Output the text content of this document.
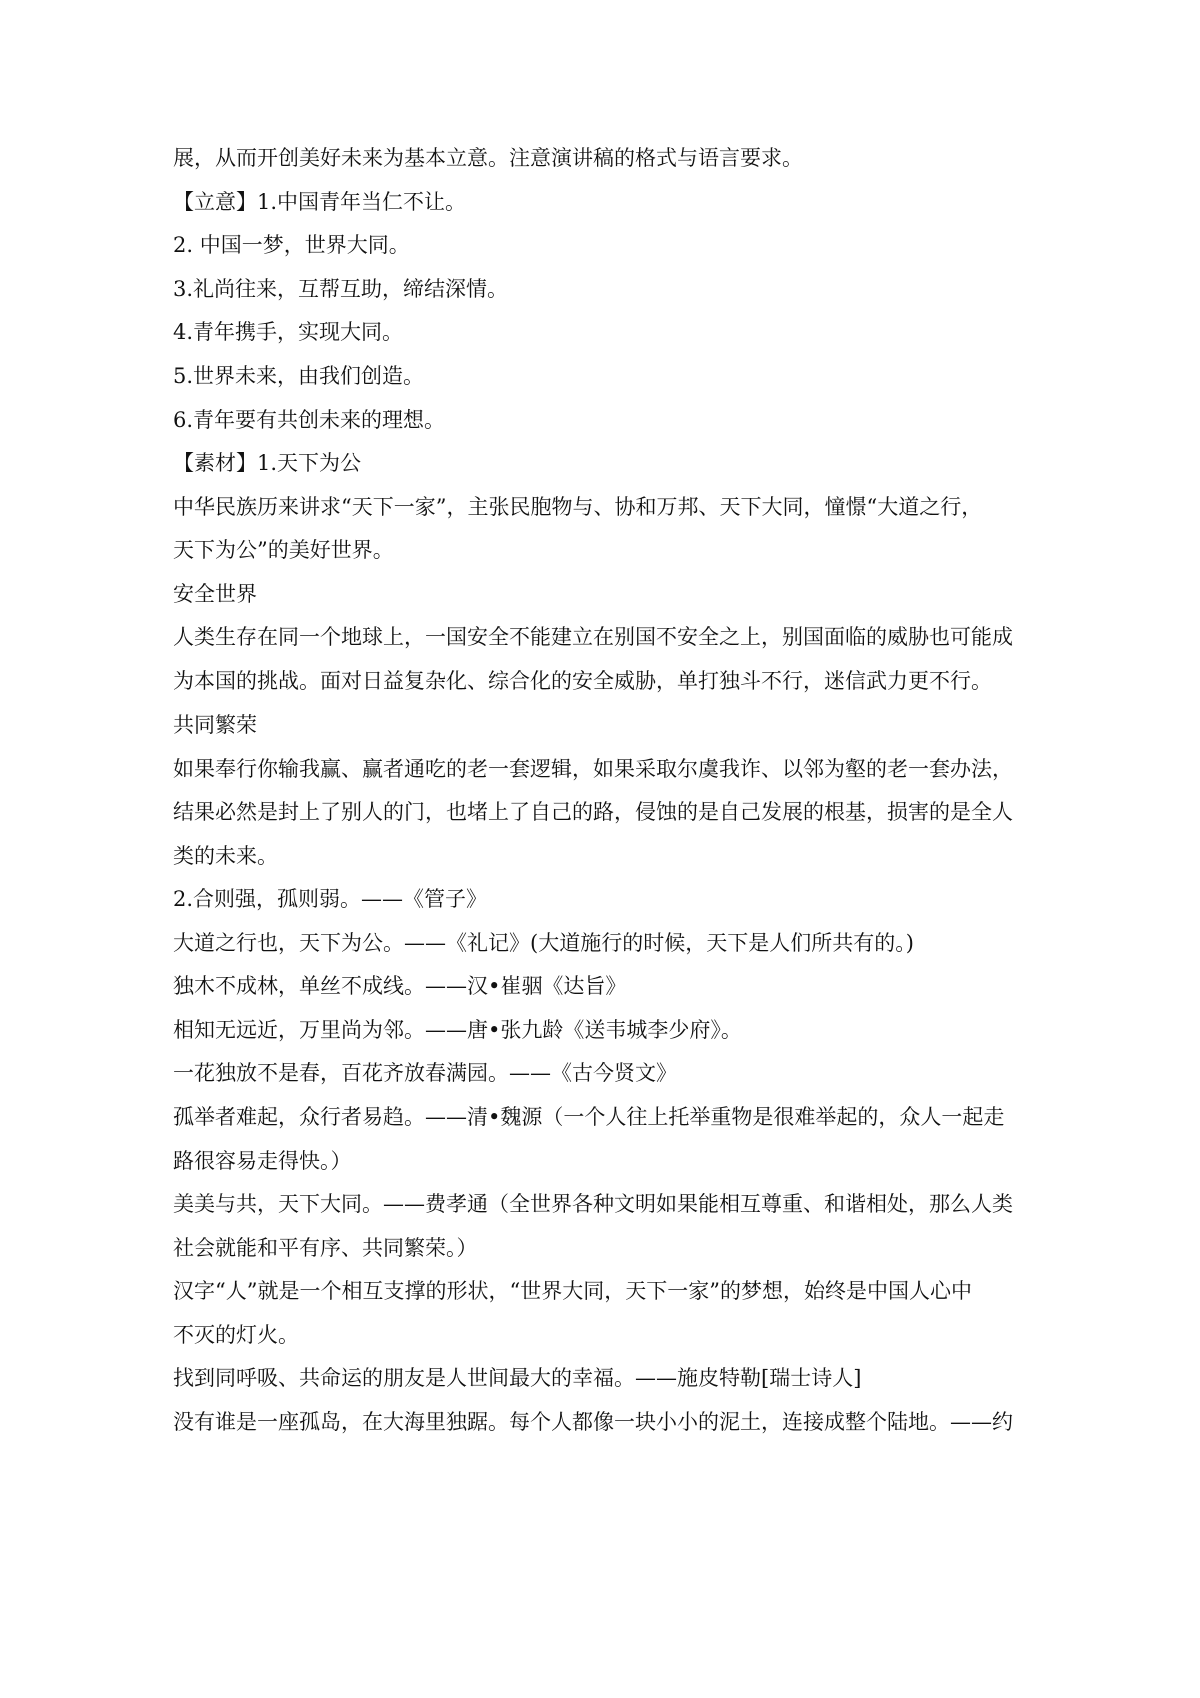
展，从而开创美好未来为基本立意。注意演讲稿的格式与语言要求。

【立意】1.中国青年当仁不让。

2. 中国一梦，世界大同。

3.礼尚往来，互帮互助，缔结深情。

4.青年携手，实现大同。

5.世界未来，由我们创造。

6.青年要有共创未来的理想。

【素材】1.天下为公

中华民族历来讲求“天下一家”，主张民胞物与、协和万邦、天下大同，憧憬“大道之行，

天下为公”的美好世界。

安全世界

人类生存在同一个地球上，一国安全不能建立在别国不安全之上，别国面临的威胁也可能成

为本国的挑战。面对日益复杂化、综合化的安全威胁，单打独斗不行，迷信武力更不行。

共同繁荣

如果奉行你输我赢、赢者通吃的老一套逻辑，如果采取尔虞我诈、以邻为壑的老一套办法，

结果必然是封上了别人的门，也堵上了自己的路，侵蚀的是自己发展的根基，损害的是全人

类的未来。

2.合则强，孤则弱。——《管子》

大道之行也，天下为公。——《礼记》(大道施行的时候，天下是人们所共有的。)

独木不成林，单丝不成线。——汉•崔骃《达旨》

相知无远近，万里尚为邻。——唐•张九龄《送韦城李少府》。

一花独放不是春，百花齐放春满园。——《古今贤文》

孤举者难起，众行者易趋。——清•魏源（一个人往上托举重物是很难举起的，众人一起走

路很容易走得快。）

美美与共，天下大同。——费孝通（全世界各种文明如果能相互尊重、和谐相处，那么人类

社会就能和平有序、共同繁荣。）

汉字“人”就是一个相互支撑的形状，“世界大同，天下一家”的梦想，始终是中国人心中

不灭的灯火。

找到同呼吸、共命运的朋友是人世间最大的幸福。——施皮特勒[瑞士诗人]

没有谁是一座孤岛，在大海里独踞。每个人都像一块小小的泥土，连接成整个陆地。——约
